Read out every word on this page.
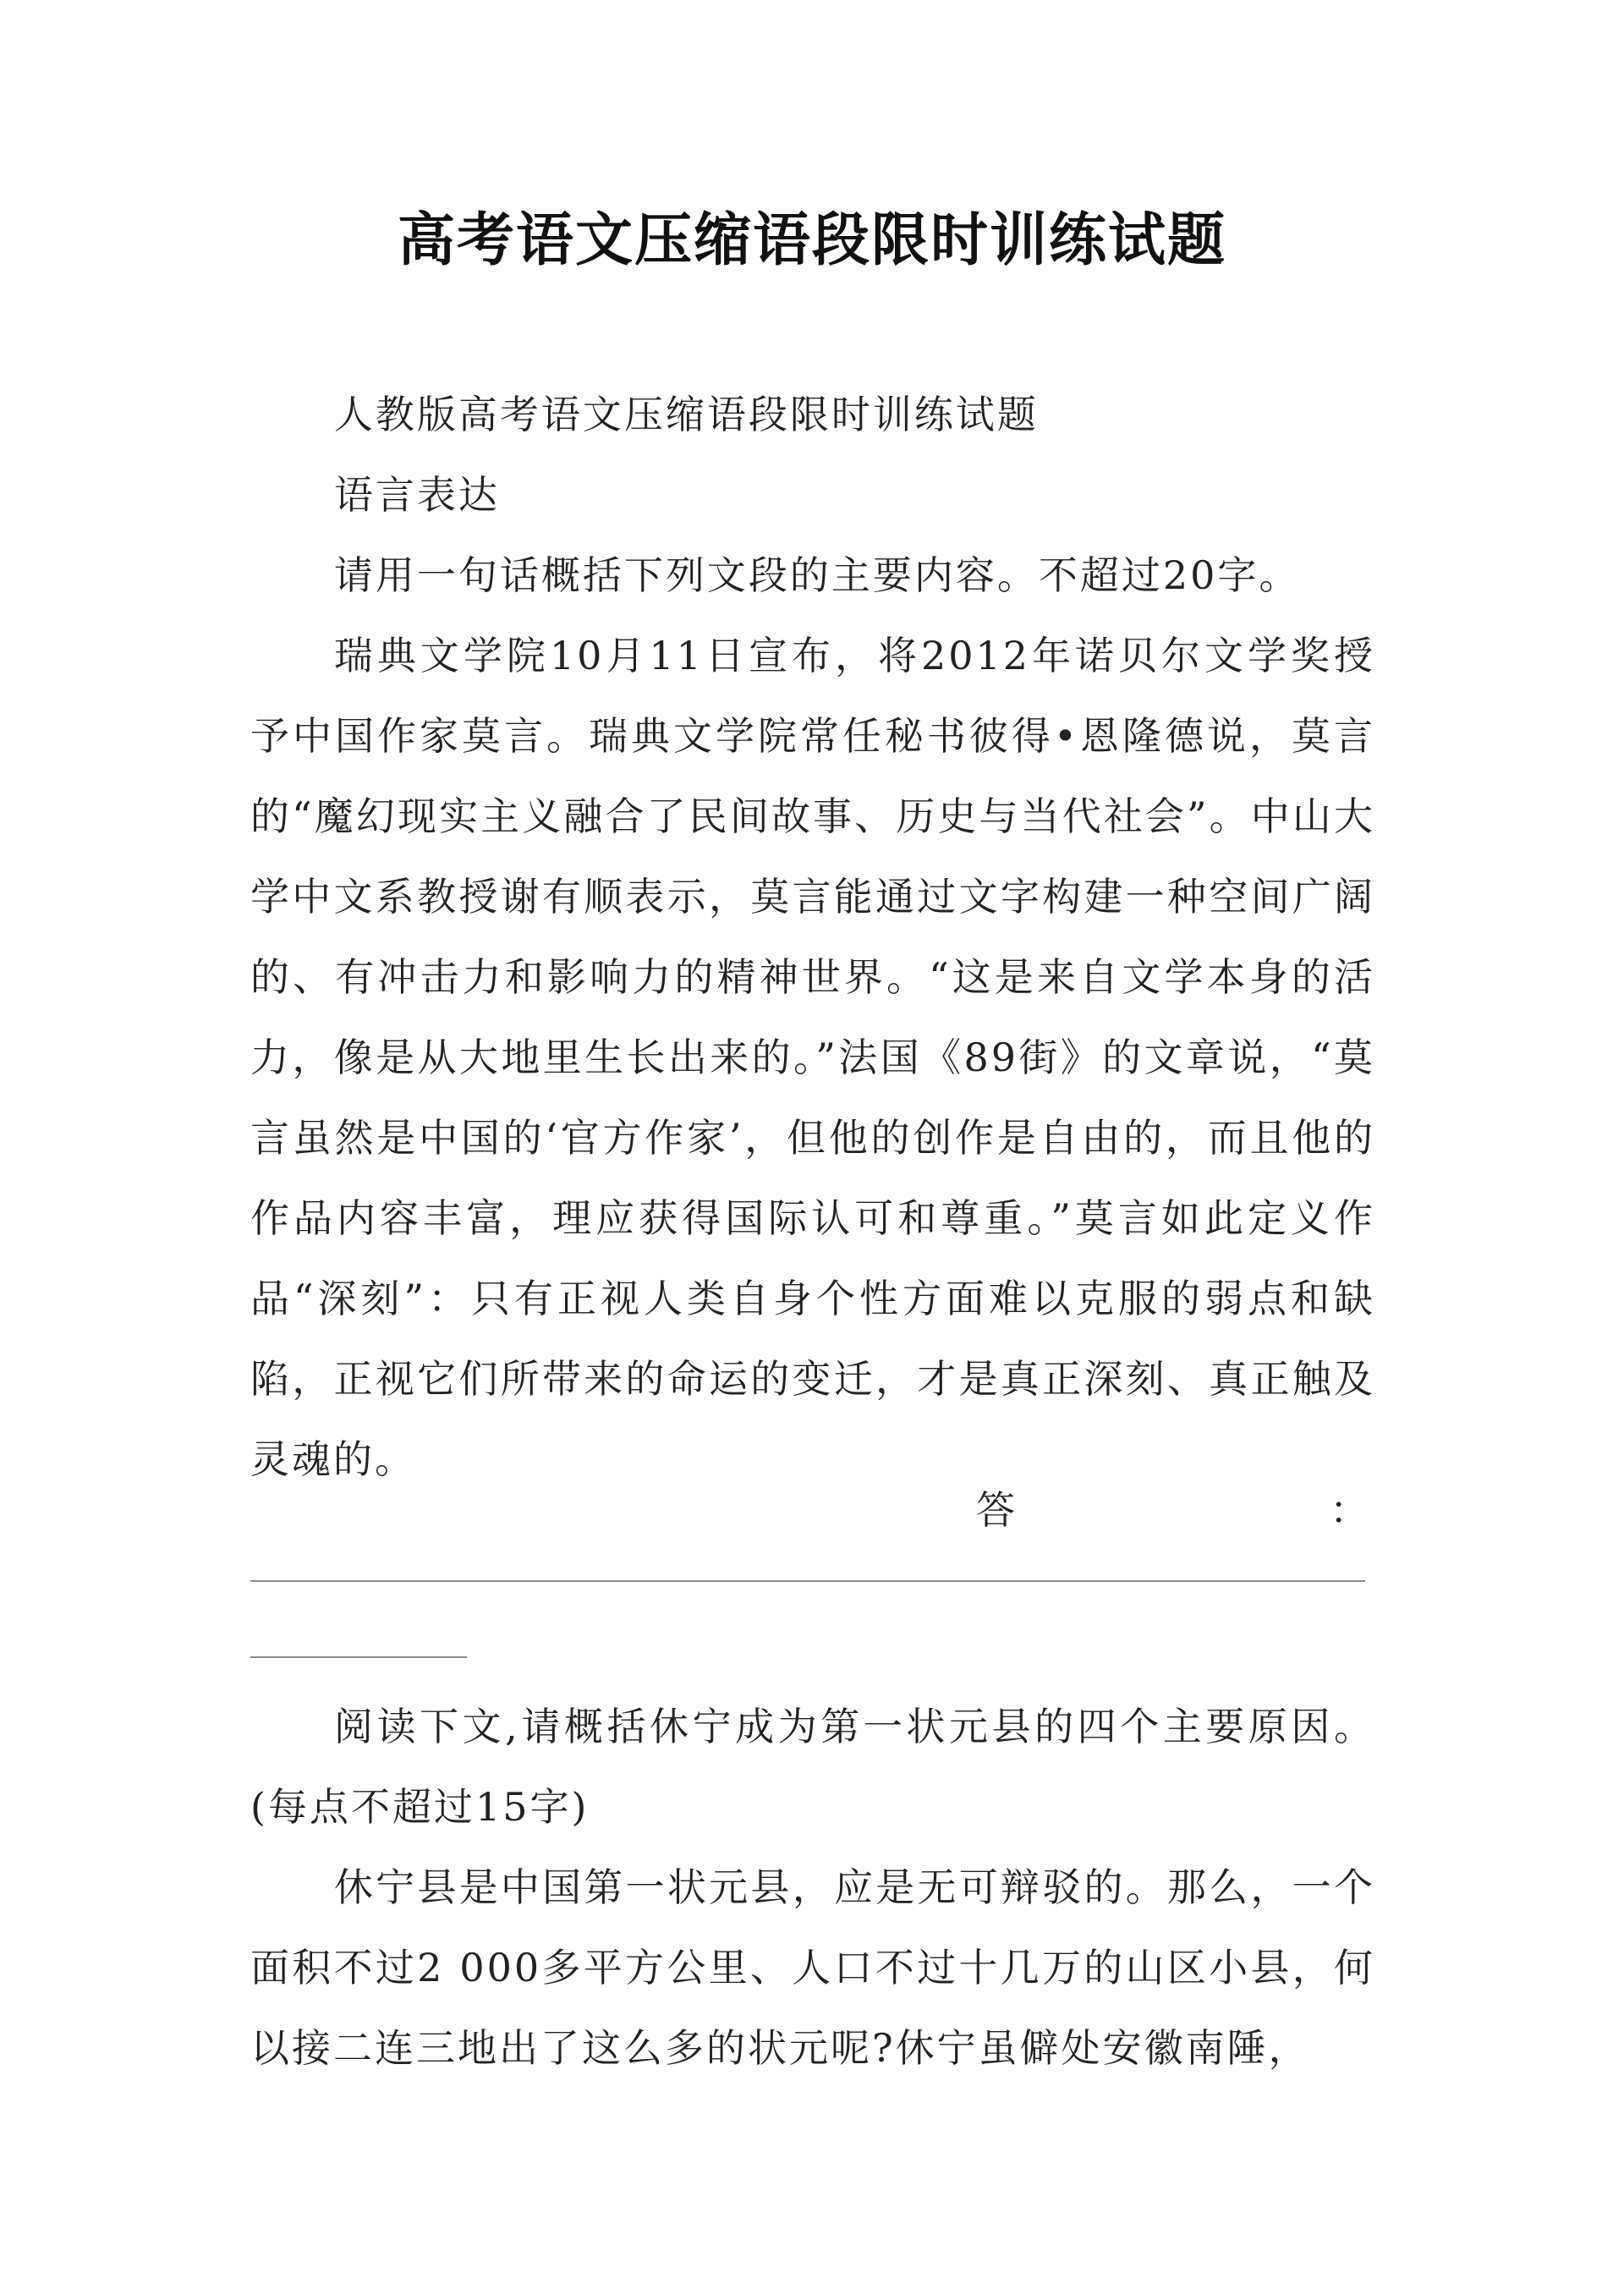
高考语文压缩语段限时训练试题

人教版高考语文压缩语段限时训练试题

语言表达

请用一句话概括下列文段的主要内容。不超过20字。

瑞典文学院10月11日宣布，将2012年诺贝尔文学奖授予中国作家莫言。瑞典文学院常任秘书彼得•恩隆德说，莫言的“魔幻现实主义融合了民间故事、历史与当代社会”。中山大学中文系教授谢有顺表示，莫言能通过文字构建一种空间广阔的、有冲击力和影响力的精神世界。“这是来自文学本身的活力，像是从大地里生长出来的。”法国《89街》的文章说，“莫言虽然是中国的‘官方作家’，但他的创作是自由的，而且他的作品内容丰富，理应获得国际认可和尊重。”莫言如此定义作品“深刻”：只有正视人类自身个性方面难以克服的弱点和缺陷，正视它们所带来的命运的变迁，才是真正深刻、真正触及灵魂的。

答	：

阅读下文,请概括休宁成为第一状元县的四个主要原因。(每点不超过15字)

休宁县是中国第一状元县，应是无可辩驳的。那么，一个面积不过2 000多平方公里、人口不过十几万的山区小县，何以接二连三地出了这么多的状元呢?休宁虽僻处安徽南陲，
